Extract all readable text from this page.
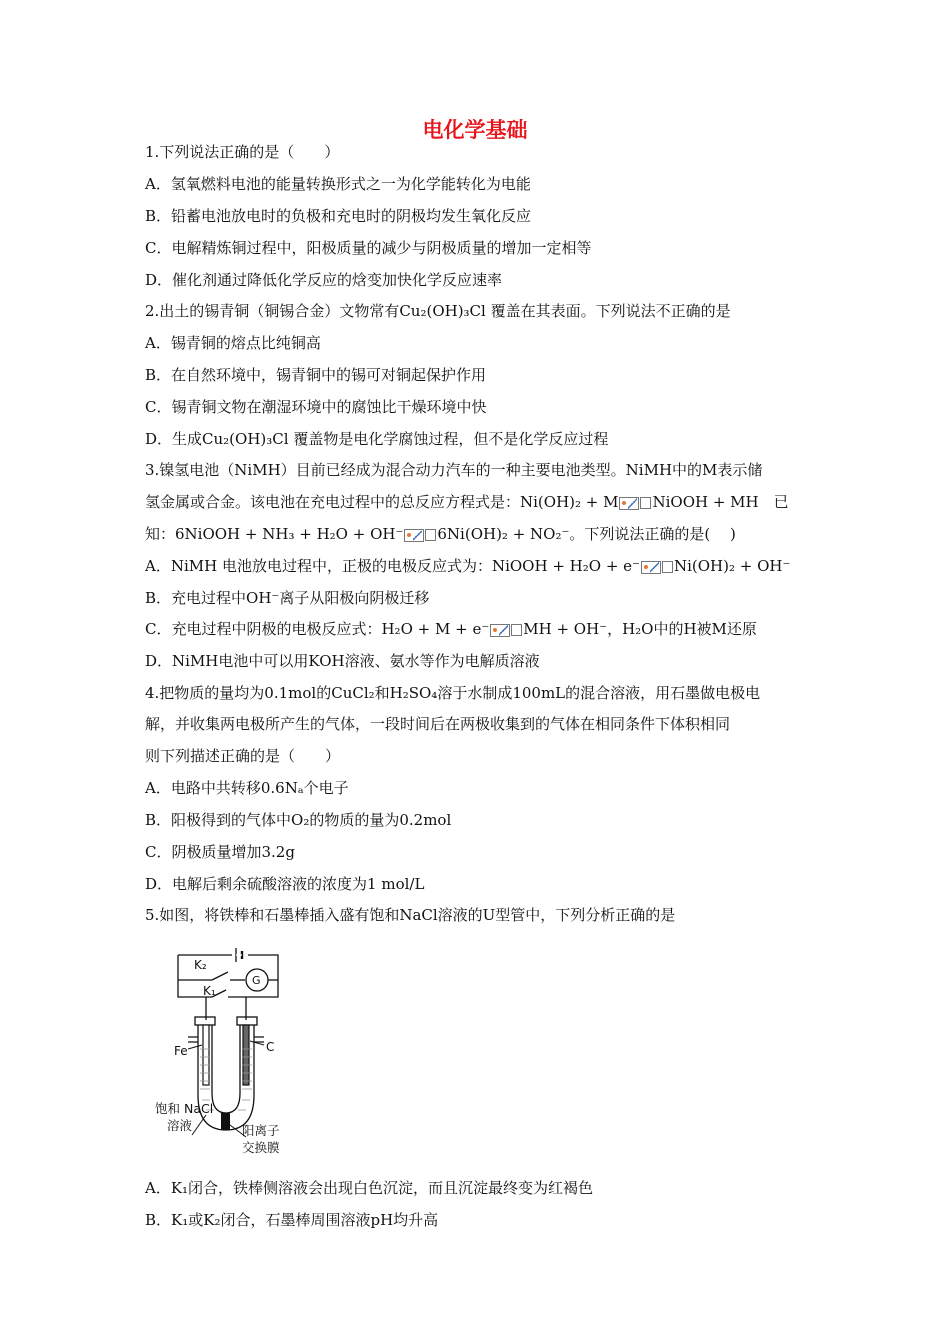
电化学基础
1.下列说法正确的是（　　）
A．氢氧燃料电池的能量转换形式之一为化学能转化为电能
B．铅蓄电池放电时的负极和充电时的阴极均发生氧化反应
C．电解精炼铜过程中，阳极质量的减少与阴极质量的增加一定相等
D．催化剂通过降低化学反应的焓变加快化学反应速率
2.出土的锡青铜（铜锡合金）文物常有Cu₂(OH)₃Cl 覆盖在其表面。下列说法不正确的是
A．锡青铜的熔点比纯铜高
B．在自然环境中，锡青铜中的锡可对铜起保护作用
C．锡青铜文物在潮湿环境中的腐蚀比干燥环境中快
D．生成Cu₂(OH)₃Cl 覆盖物是电化学腐蚀过程，但不是化学反应过程
3.镍氢电池（NiMH）目前已经成为混合动力汽车的一种主要电池类型。NiMH中的M表示储
氢金属或合金。该电池在充电过程中的总反应方程式是：Ni(OH)₂ + M NiOOH + MH　已
知：6NiOOH + NH₃ + H₂O + OH⁻ 6Ni(OH)₂ + NO₂⁻。下列说法正确的是(　 )
A．NiMH 电池放电过程中，正极的电极反应式为：NiOOH + H₂O + e⁻ Ni(OH)₂ + OH⁻
B．充电过程中OH⁻离子从阳极向阴极迁移
C．充电过程中阴极的电极反应式：H₂O + M + e⁻ MH + OH⁻，H₂O中的H被M还原
D．NiMH电池中可以用KOH溶液、氨水等作为电解质溶液
4.把物质的量均为0.1mol的CuCl₂和H₂SO₄溶于水制成100mL的混合溶液，用石墨做电极电
解，并收集两电极所产生的气体，一段时间后在两极收集到的气体在相同条件下体积相同
则下列描述正确的是（　　）
A．电路中共转移0.6Nₐ个电子
B．阳极得到的气体中O₂的物质的量为0.2mol
C．阴极质量增加3.2g
D．电解后剩余硫酸溶液的浓度为1 mol/L
5.如图，将铁棒和石墨棒插入盛有饱和NaCl溶液的U型管中，下列分析正确的是
K₂
K₁
G
Fe	C
饱和 NaCl
溶液	阳离子
交换膜
A．K₁闭合，铁棒侧溶液会出现白色沉淀，而且沉淀最终变为红褐色
B．K₁或K₂闭合，石墨棒周围溶液pH均升高
